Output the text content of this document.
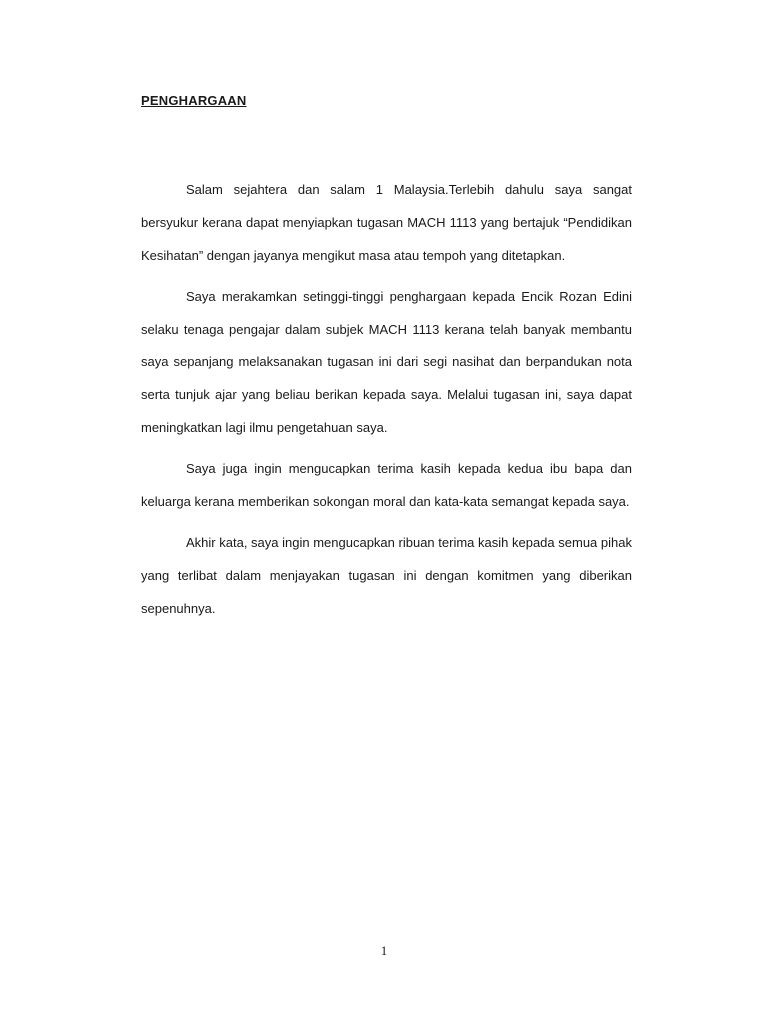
PENGHARGAAN

Salam sejahtera dan salam 1 Malaysia.Terlebih dahulu saya sangat bersyukur kerana dapat menyiapkan tugasan MACH 1113 yang bertajuk “Pendidikan Kesihatan” dengan jayanya mengikut masa atau tempoh yang ditetapkan.

Saya merakamkan setinggi-tinggi penghargaan kepada Encik Rozan Edini selaku tenaga pengajar dalam subjek MACH 1113 kerana telah banyak membantu saya sepanjang melaksanakan tugasan ini dari segi nasihat dan berpandukan nota serta tunjuk ajar yang beliau berikan kepada saya. Melalui tugasan ini, saya dapat meningkatkan lagi ilmu pengetahuan saya.

Saya juga ingin mengucapkan terima kasih kepada kedua ibu bapa dan keluarga kerana memberikan sokongan moral dan kata-kata semangat kepada saya.

Akhir kata, saya ingin mengucapkan ribuan terima kasih kepada semua pihak yang terlibat dalam menjayakan tugasan ini dengan komitmen yang diberikan sepenuhnya.

1
